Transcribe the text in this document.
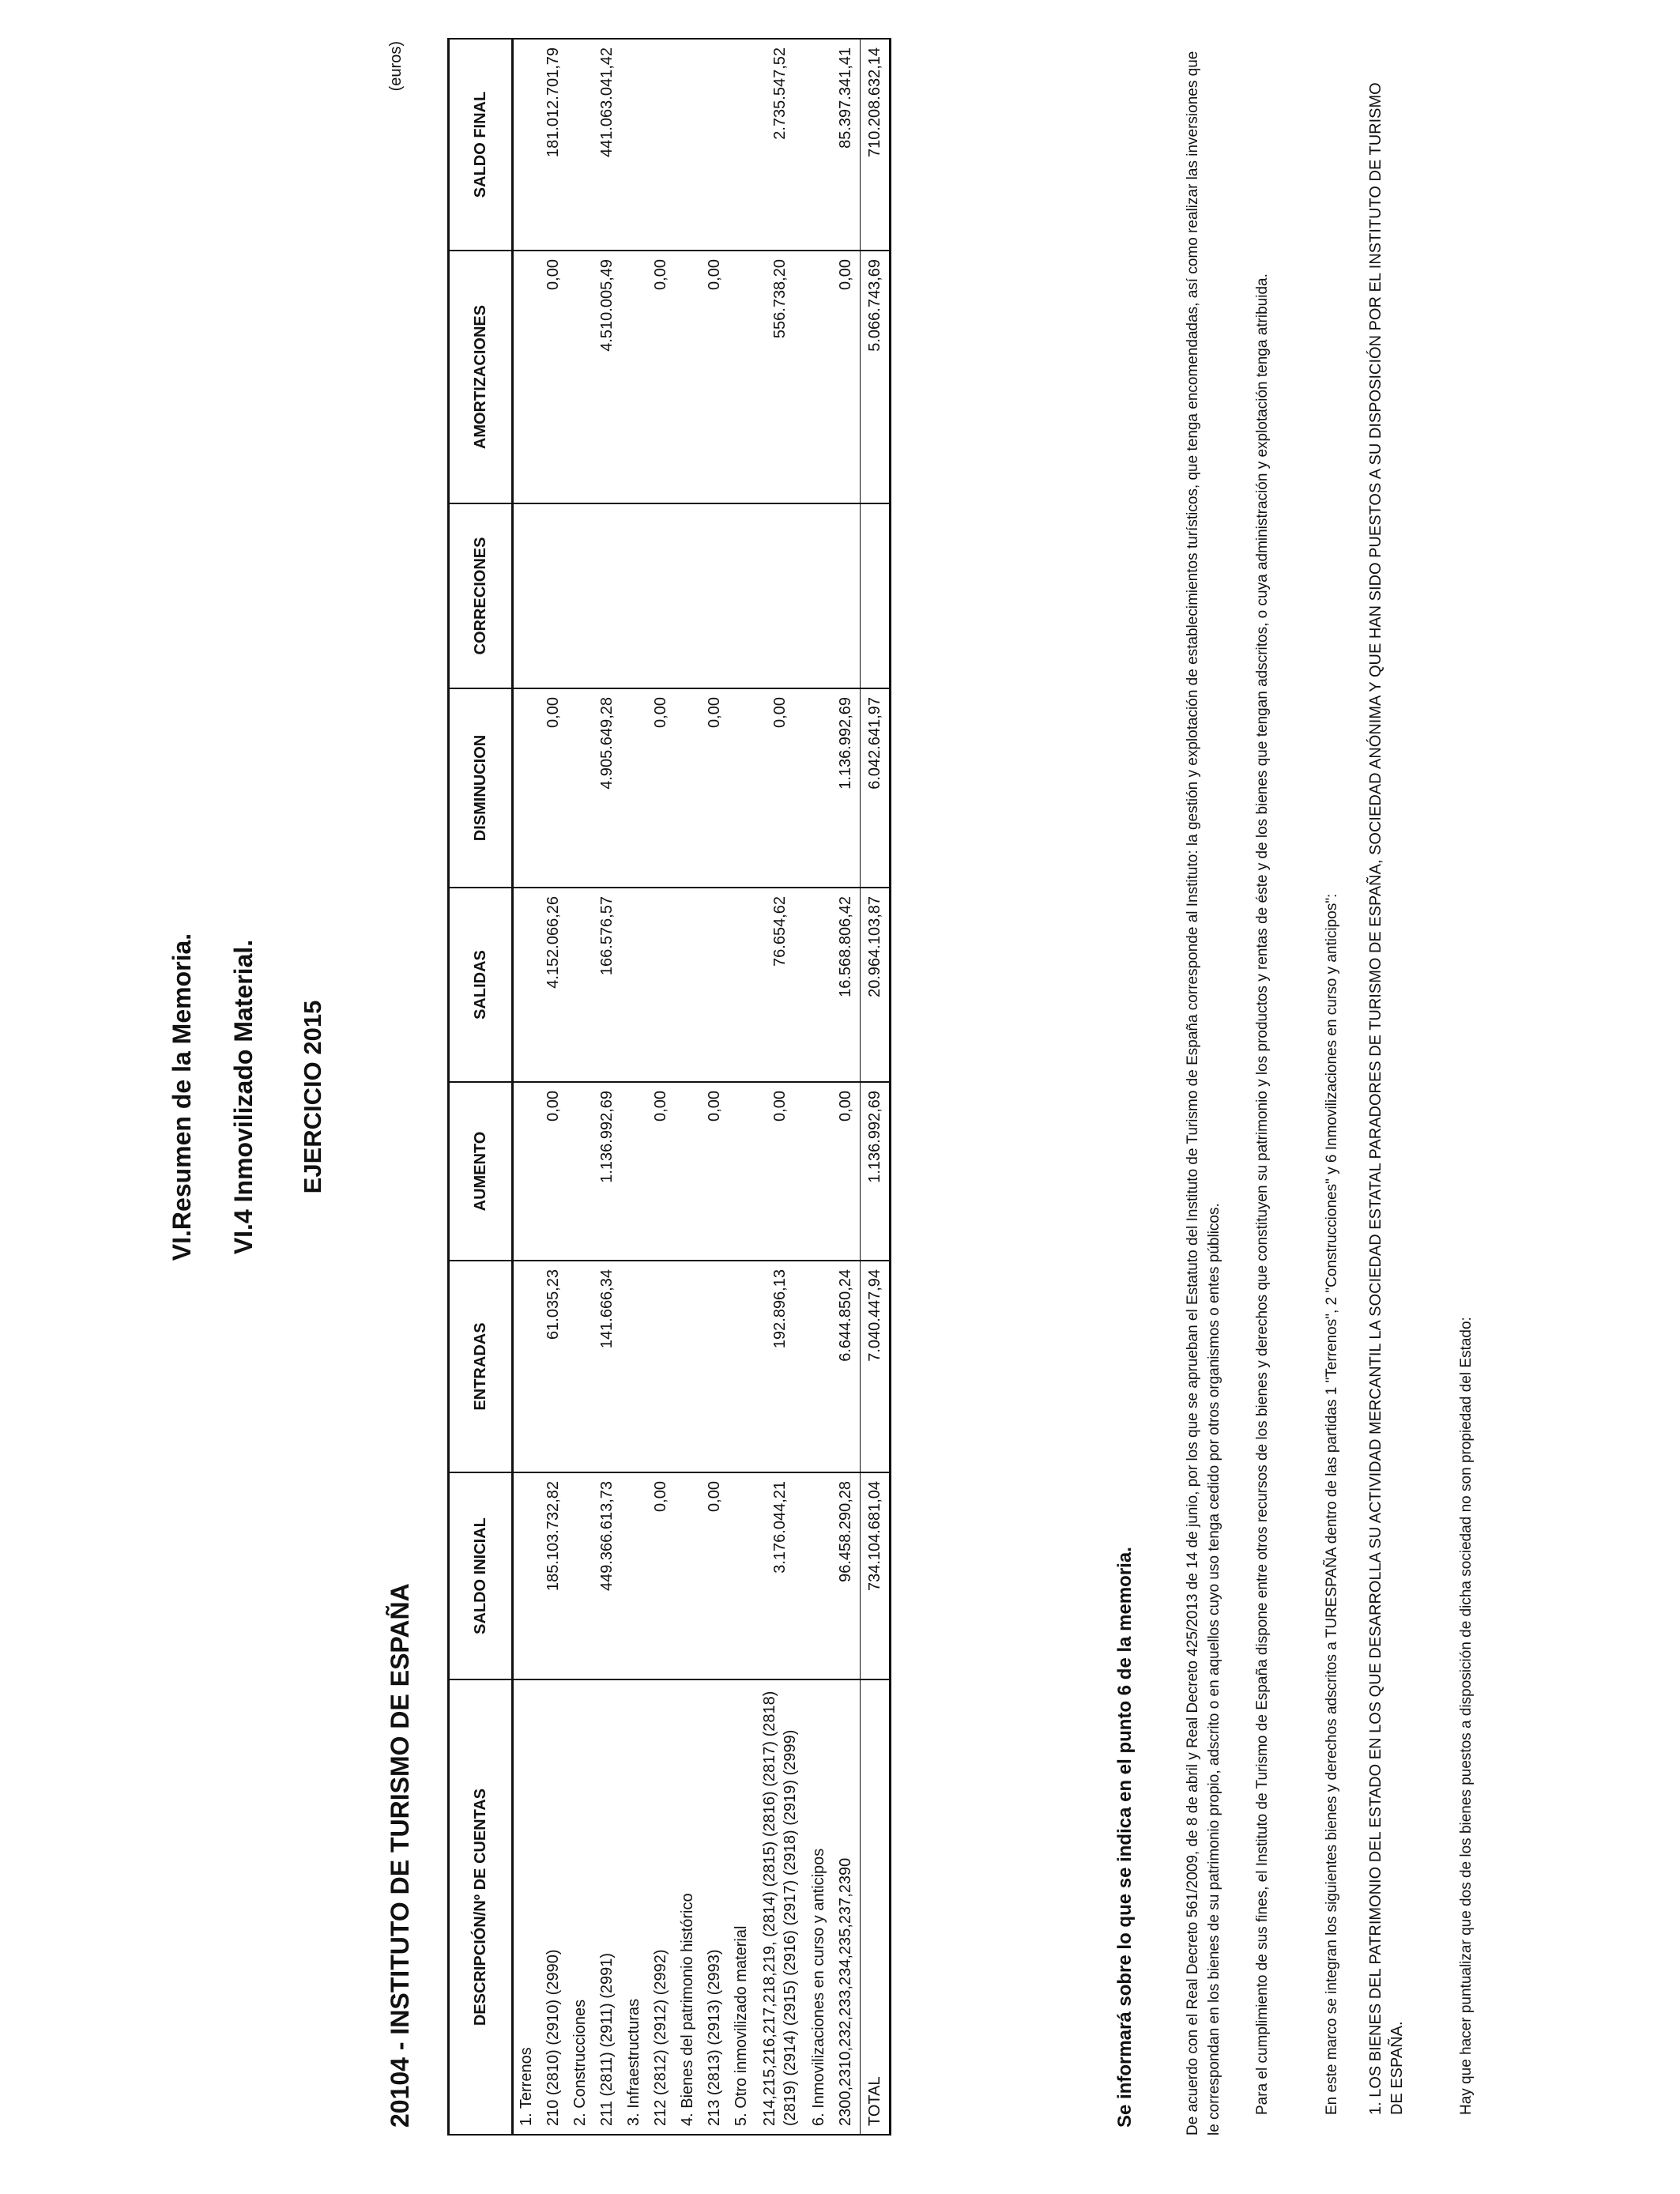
VI.Resumen de la Memoria. VI.4 Inmovilizado Material. EJERCICIO 2015
20104 - INSTITUTO DE TURISMO DE ESPAÑA
(euros)
DESCRIPCIÓN/Nº DE CUENTAS	SALDO INICIAL	ENTRADAS	AUMENTO	SALIDAS	DISMINUCION	CORRECIONES	AMORTIZACIONES	SALDO FINAL
1. Terrenos								
210 (2810) (2910) (2990)	185.103.732,82	61.035,23	0,00	4.152.066,26	0,00		0,00	181.012.701,79
2. Construcciones								
211 (2811) (2911) (2991)	449.366.613,73	141.666,34	1.136.992,69	166.576,57	4.905.649,28		4.510.005,49	441.063.041,42
3. Infraestructuras								
212 (2812) (2912) (2992)	0,00		0,00		0,00		0,00	
4. Bienes del patrimonio histórico								
213 (2813) (2913) (2993)	0,00		0,00		0,00		0,00	
5. Otro inmovilizado material								
214,215,216,217,218,219, (2814) (2815) (2816) (2817) (2818) (2819) (2914) (2915) (2916) (2917) (2918) (2919) (2999)	3.176.044,21	192.896,13	0,00	76.654,62	0,00		556.738,20	2.735.547,52
6. Inmovilizaciones en curso y anticipos								
2300,2310,232,233,234,235,237,2390	96.458.290,28	6.644.850,24	0,00	16.568.806,42	1.136.992,69		0,00	85.397.341,41
TOTAL	734.104.681,04	7.040.447,94	1.136.992,69	20.964.103,87	6.042.641,97		5.066.743,69	710.208.632,14
Se informará sobre lo que se indica en el punto 6 de la memoria.	De acuerdo con el Real Decreto 561/2009, de 8 de abril y Real Decreto 425/2013 de 14 de junio, por los que se aprueban el Estatuto del Instituto de Turismo de España corresponde al Instituto: la gestión y explotación de establecimientos turísticos, que tenga encomendadas, así como realizar las inversiones que le correspondan en los bienes de su patrimonio propio, adscrito o en aquellos cuyo uso tenga cedido por otros organismos o entes públicos. Para el cumplimiento de sus fines, el Instituto de Turismo de España dispone entre otros recursos de los bienes y derechos que constituyen su patrimonio y los productos y rentas de éste y de los bienes que tengan adscritos, o cuya administración y explotación tenga atribuida.	En este marco se integran los siguientes bienes y derechos adscritos a TURESPAÑA dentro de las partidas 1 "Terrenos", 2 "Construcciones" y 6 Inmovilizaciones en curso y anticipos": 1. LOS BIENES DEL PATRIMONIO DEL ESTADO EN LOS QUE DESARROLLA SU ACTIVIDAD MERCANTIL LA SOCIEDAD ESTATAL PARADORES DE TURISMO DE ESPAÑA, SOCIEDAD ANÓNIMA Y QUE HAN SIDO PUESTOS A SU DISPOSICIÓN POR EL INSTITUTO DE TURISMO DE ESPAÑA.	Hay que hacer puntualizar que dos de los bienes puestos a disposición de dicha sociedad no son propiedad del Estado:
